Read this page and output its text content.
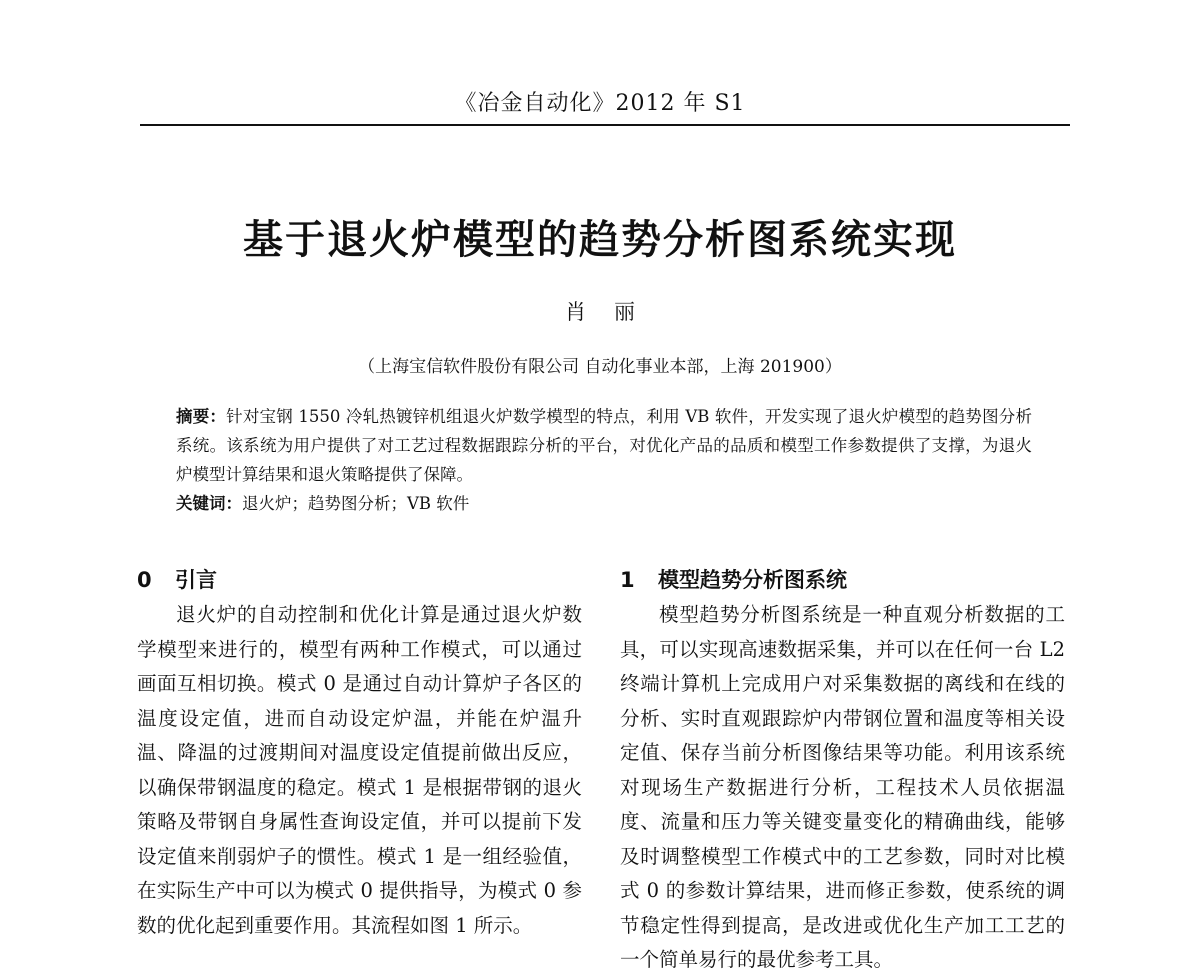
《冶金自动化》2012 年 S1
基于退火炉模型的趋势分析图系统实现
肖丽
（上海宝信软件股份有限公司 自动化事业本部，上海 201900）

摘要：针对宝钢 1550 冷轧热镀锌机组退火炉数学模型的特点，利用 VB 软件，开发实现了退火炉模型的趋势图分析系统。该系统为用户提供了对工艺过程数据跟踪分析的平台，对优化产品的品质和模型工作参数提供了支撑，为退火炉模型计算结果和退火策略提供了保障。

关键词：退火炉；趋势图分析；VB 软件

0 引言

退火炉的自动控制和优化计算是通过退火炉数学模型来进行的，模型有两种工作模式，可以通过画面互相切换。模式 0 是通过自动计算炉子各区的温度设定值，进而自动设定炉温，并能在炉温升温、降温的过渡期间对温度设定值提前做出反应，以确保带钢温度的稳定。模式 1 是根据带钢的退火策略及带钢自身属性查询设定值，并可以提前下发设定值来削弱炉子的惯性。模式 1 是一组经验值，在实际生产中可以为模式 0 提供指导，为模式 0 参数的优化起到重要作用。其流程如图 1 所示。

1 模型趋势分析图系统

模型趋势分析图系统是一种直观分析数据的工具，可以实现高速数据采集，并可以在任何一台 L2 终端计算机上完成用户对采集数据的离线和在线的分析、实时直观跟踪炉内带钢位置和温度等相关设定值、保存当前分析图像结果等功能。利用该系统对现场生产数据进行分析，工程技术人员依据温度、流量和压力等关键变量变化的精确曲线，能够及时调整模型工作模式中的工艺参数，同时对比模式 0 的参数计算结果，进而修正参数，使系统的调节稳定性得到提高，是改进或优化生产加工工艺的一个简单易行的最优参考工具。
